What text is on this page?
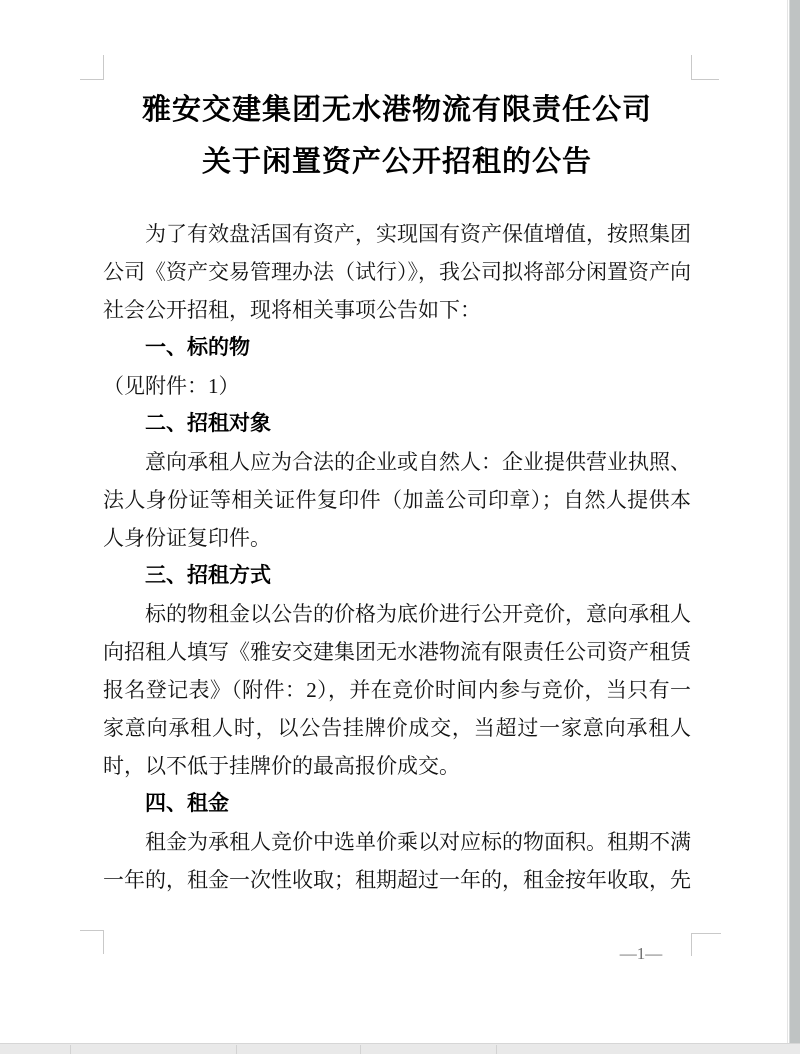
雅安交建集团无水港物流有限责任公司
关于闲置资产公开招租的公告
为了有效盘活国有资产，实现国有资产保值增值，按照集团公司《资产交易管理办法（试行）》，我公司拟将部分闲置资产向社会公开招租，现将相关事项公告如下：
一、标的物
（见附件：1）
二、招租对象
意向承租人应为合法的企业或自然人：企业提供营业执照、法人身份证等相关证件复印件（加盖公司印章）；自然人提供本人身份证复印件。
三、招租方式
标的物租金以公告的价格为底价进行公开竞价，意向承租人向招租人填写《雅安交建集团无水港物流有限责任公司资产租赁报名登记表》（附件：2），并在竞价时间内参与竞价，当只有一家意向承租人时，以公告挂牌价成交，当超过一家意向承租人时，以不低于挂牌价的最高报价成交。
四、租金
租金为承租人竞价中选单价乘以对应标的物面积。租期不满一年的，租金一次性收取；租期超过一年的，租金按年收取，先
—1—
